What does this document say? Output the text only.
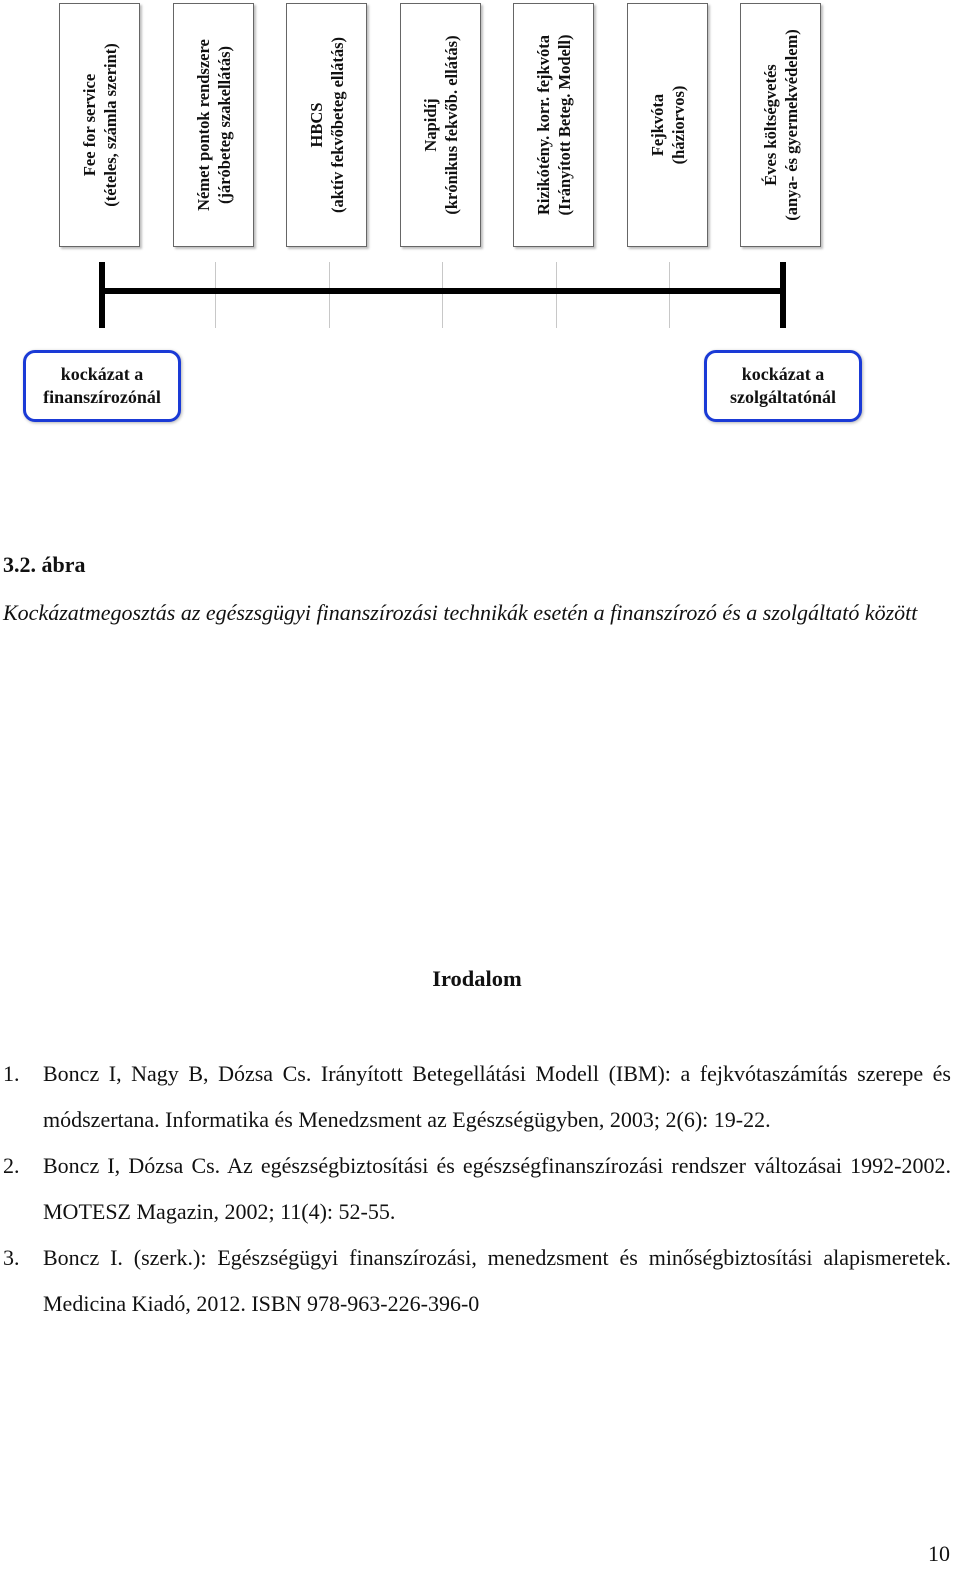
Fee for service (tételes, számla szerint)	Német pontok rendszere (járóbeteg szakellátás)	HBCS (aktív fekvőbeteg ellátás)	Napidíj (krónikus fekvőb. ellátás)	Rizikótény. korr. fejkvóta (Irányított Beteg. Modell)	Fejkvóta (háziorvos)	Éves költségvetés (anya- és gyermekvédelem)
kockázat a
finanszírozónál
kockázat a
szolgáltatónál
3.2. ábra
Kockázatmegosztás az egészsgügyi finanszírozási technikák esetén a finanszírozó és a szolgáltató között
Irodalom
1. Boncz I, Nagy B, Dózsa Cs. Irányított Betegellátási Modell (IBM): a fejkvótaszámítás szerepe és módszertana. Informatika és Menedzsment az Egészségügyben, 2003; 2(6): 19-22.
2. Boncz I, Dózsa Cs. Az egészségbiztosítási és egészségfinanszírozási rendszer változásai 1992-2002. MOTESZ Magazin, 2002; 11(4): 52-55.
3. Boncz I. (szerk.): Egészségügyi finanszírozási, menedzsment és minőségbiztosítási alapismeretek. Medicina Kiadó, 2012. ISBN 978-963-226-396-0
10
